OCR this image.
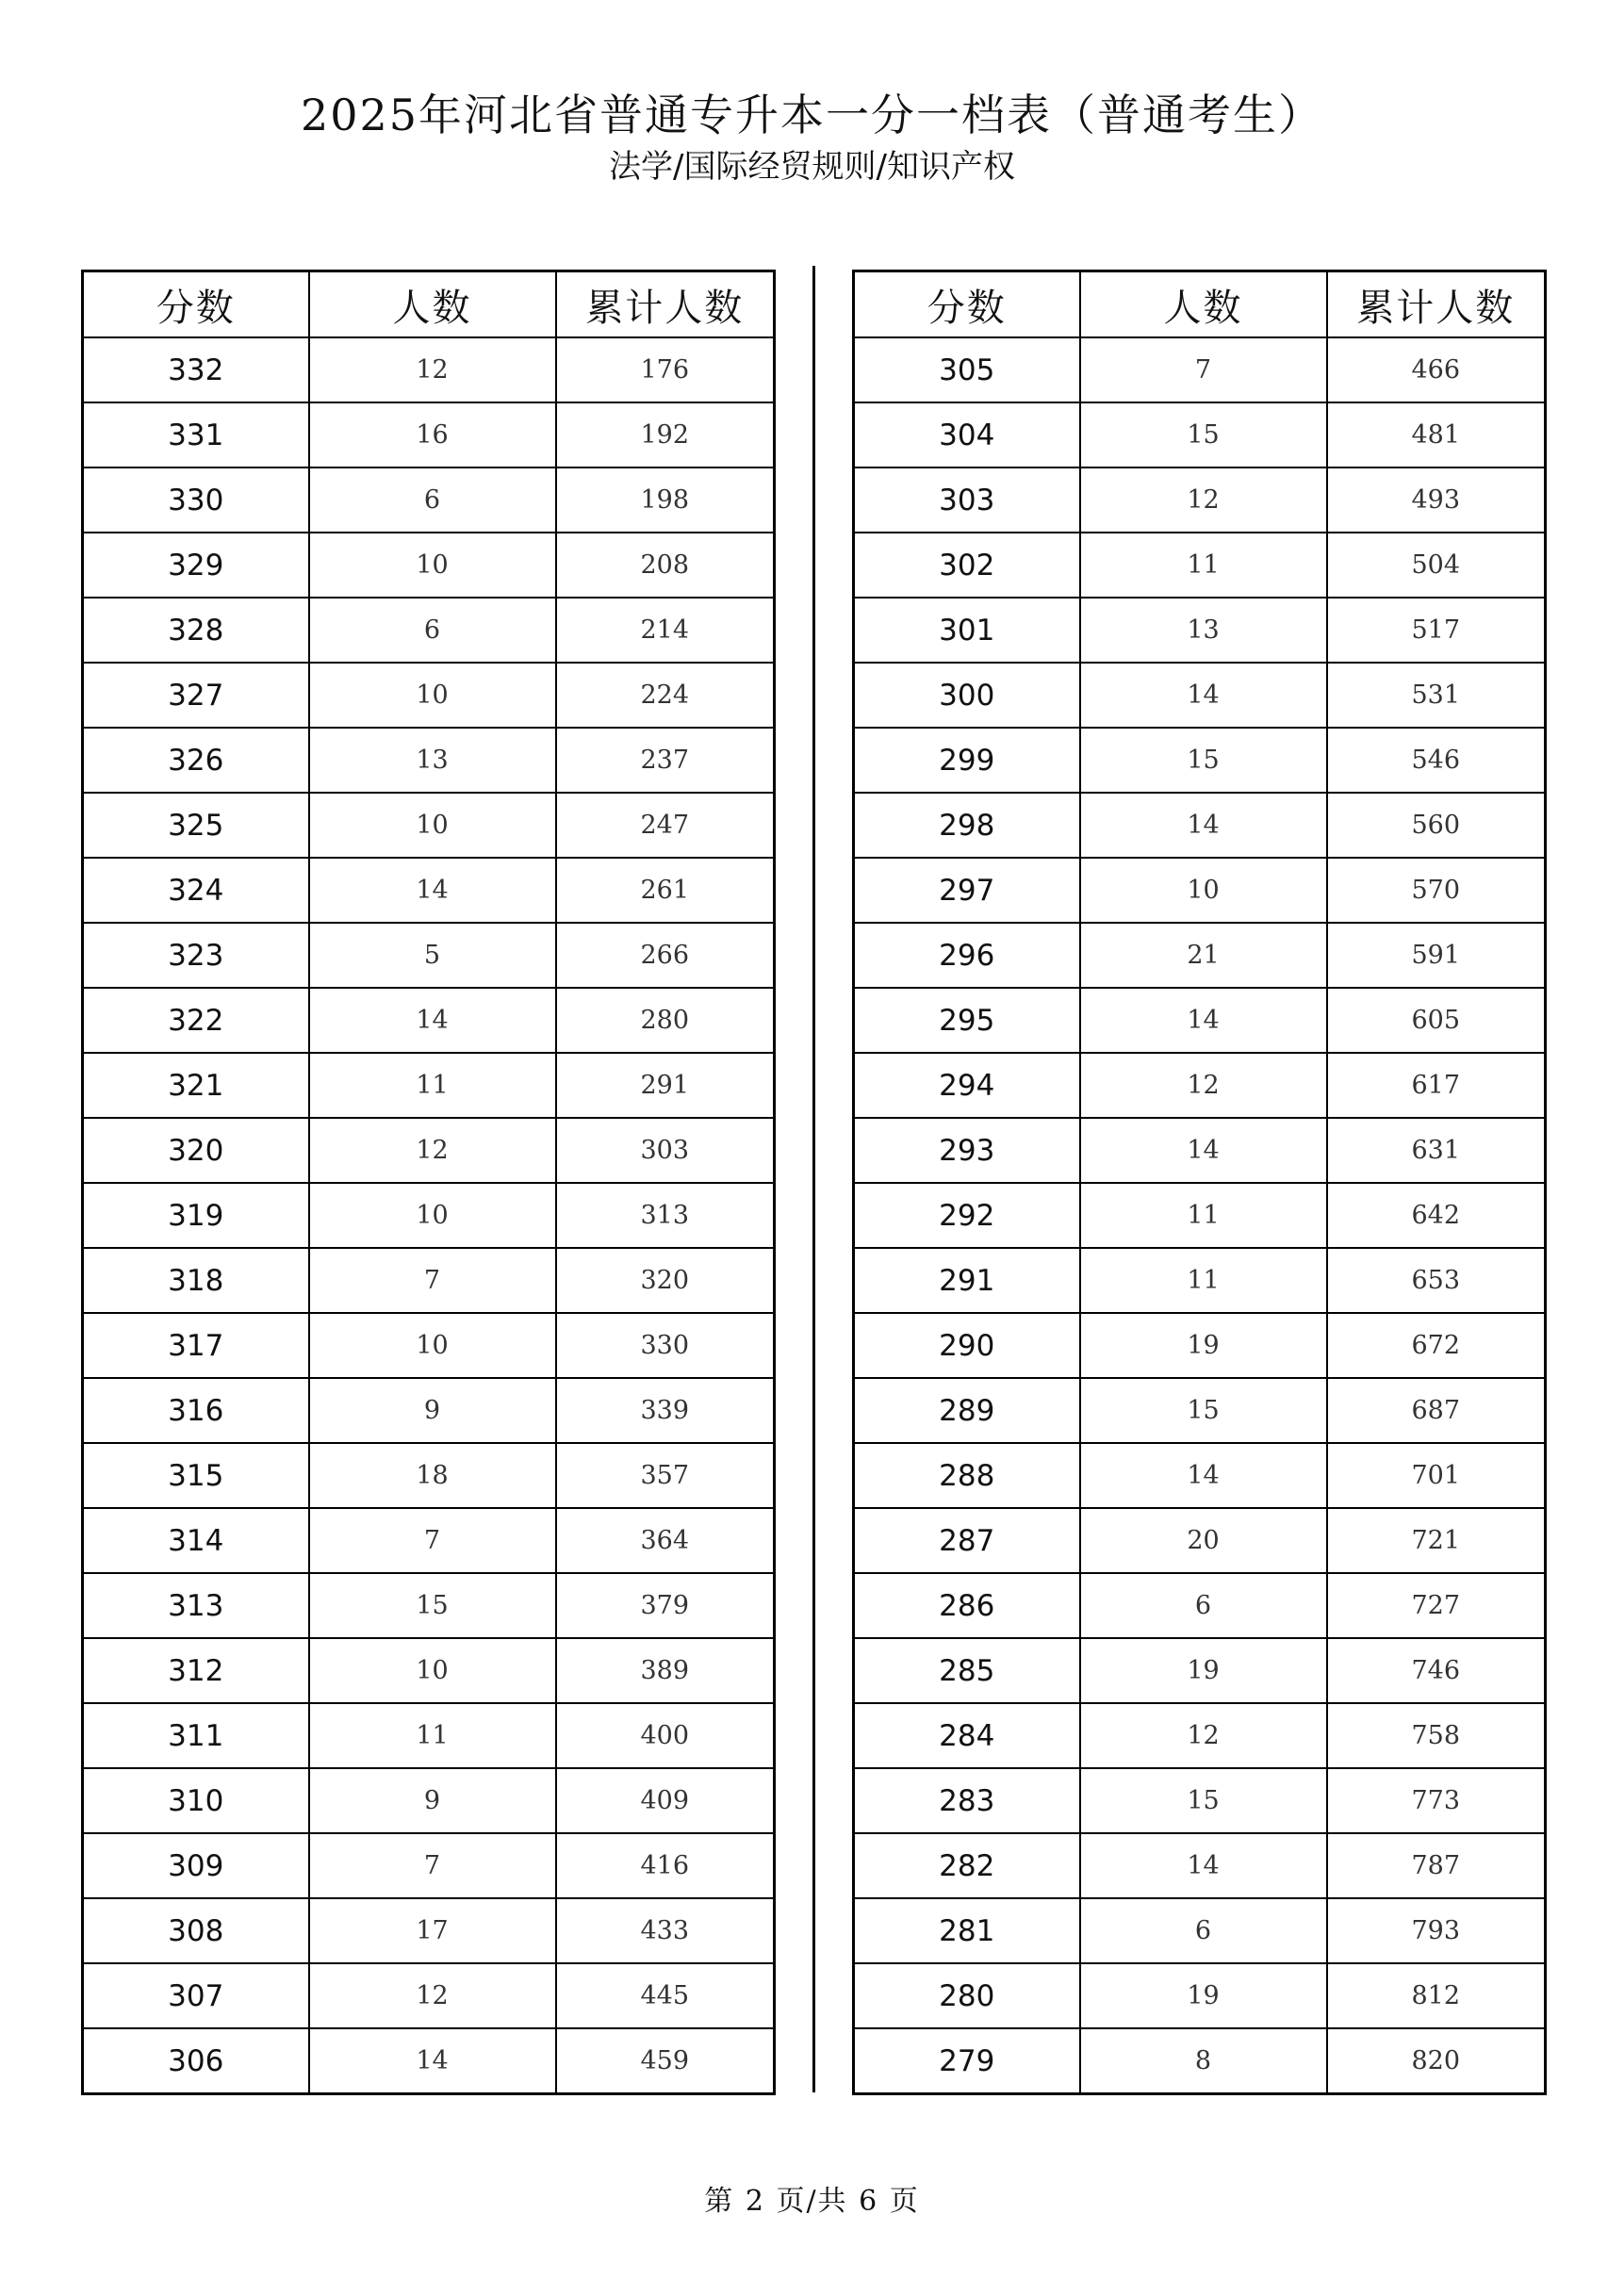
2025年河北省普通专升本一分一档表（普通考生）
法学/国际经贸规则/知识产权
分数	人数	累计人数
332	12	176
331	16	192
330	6	198
329	10	208
328	6	214
327	10	224
326	13	237
325	10	247
324	14	261
323	5	266
322	14	280
321	11	291
320	12	303
319	10	313
318	7	320
317	10	330
316	9	339
315	18	357
314	7	364
313	15	379
312	10	389
311	11	400
310	9	409
309	7	416
308	17	433
307	12	445
306	14	459
分数	人数	累计人数
305	7	466
304	15	481
303	12	493
302	11	504
301	13	517
300	14	531
299	15	546
298	14	560
297	10	570
296	21	591
295	14	605
294	12	617
293	14	631
292	11	642
291	11	653
290	19	672
289	15	687
288	14	701
287	20	721
286	6	727
285	19	746
284	12	758
283	15	773
282	14	787
281	6	793
280	19	812
279	8	820
第 2 页/共 6 页
